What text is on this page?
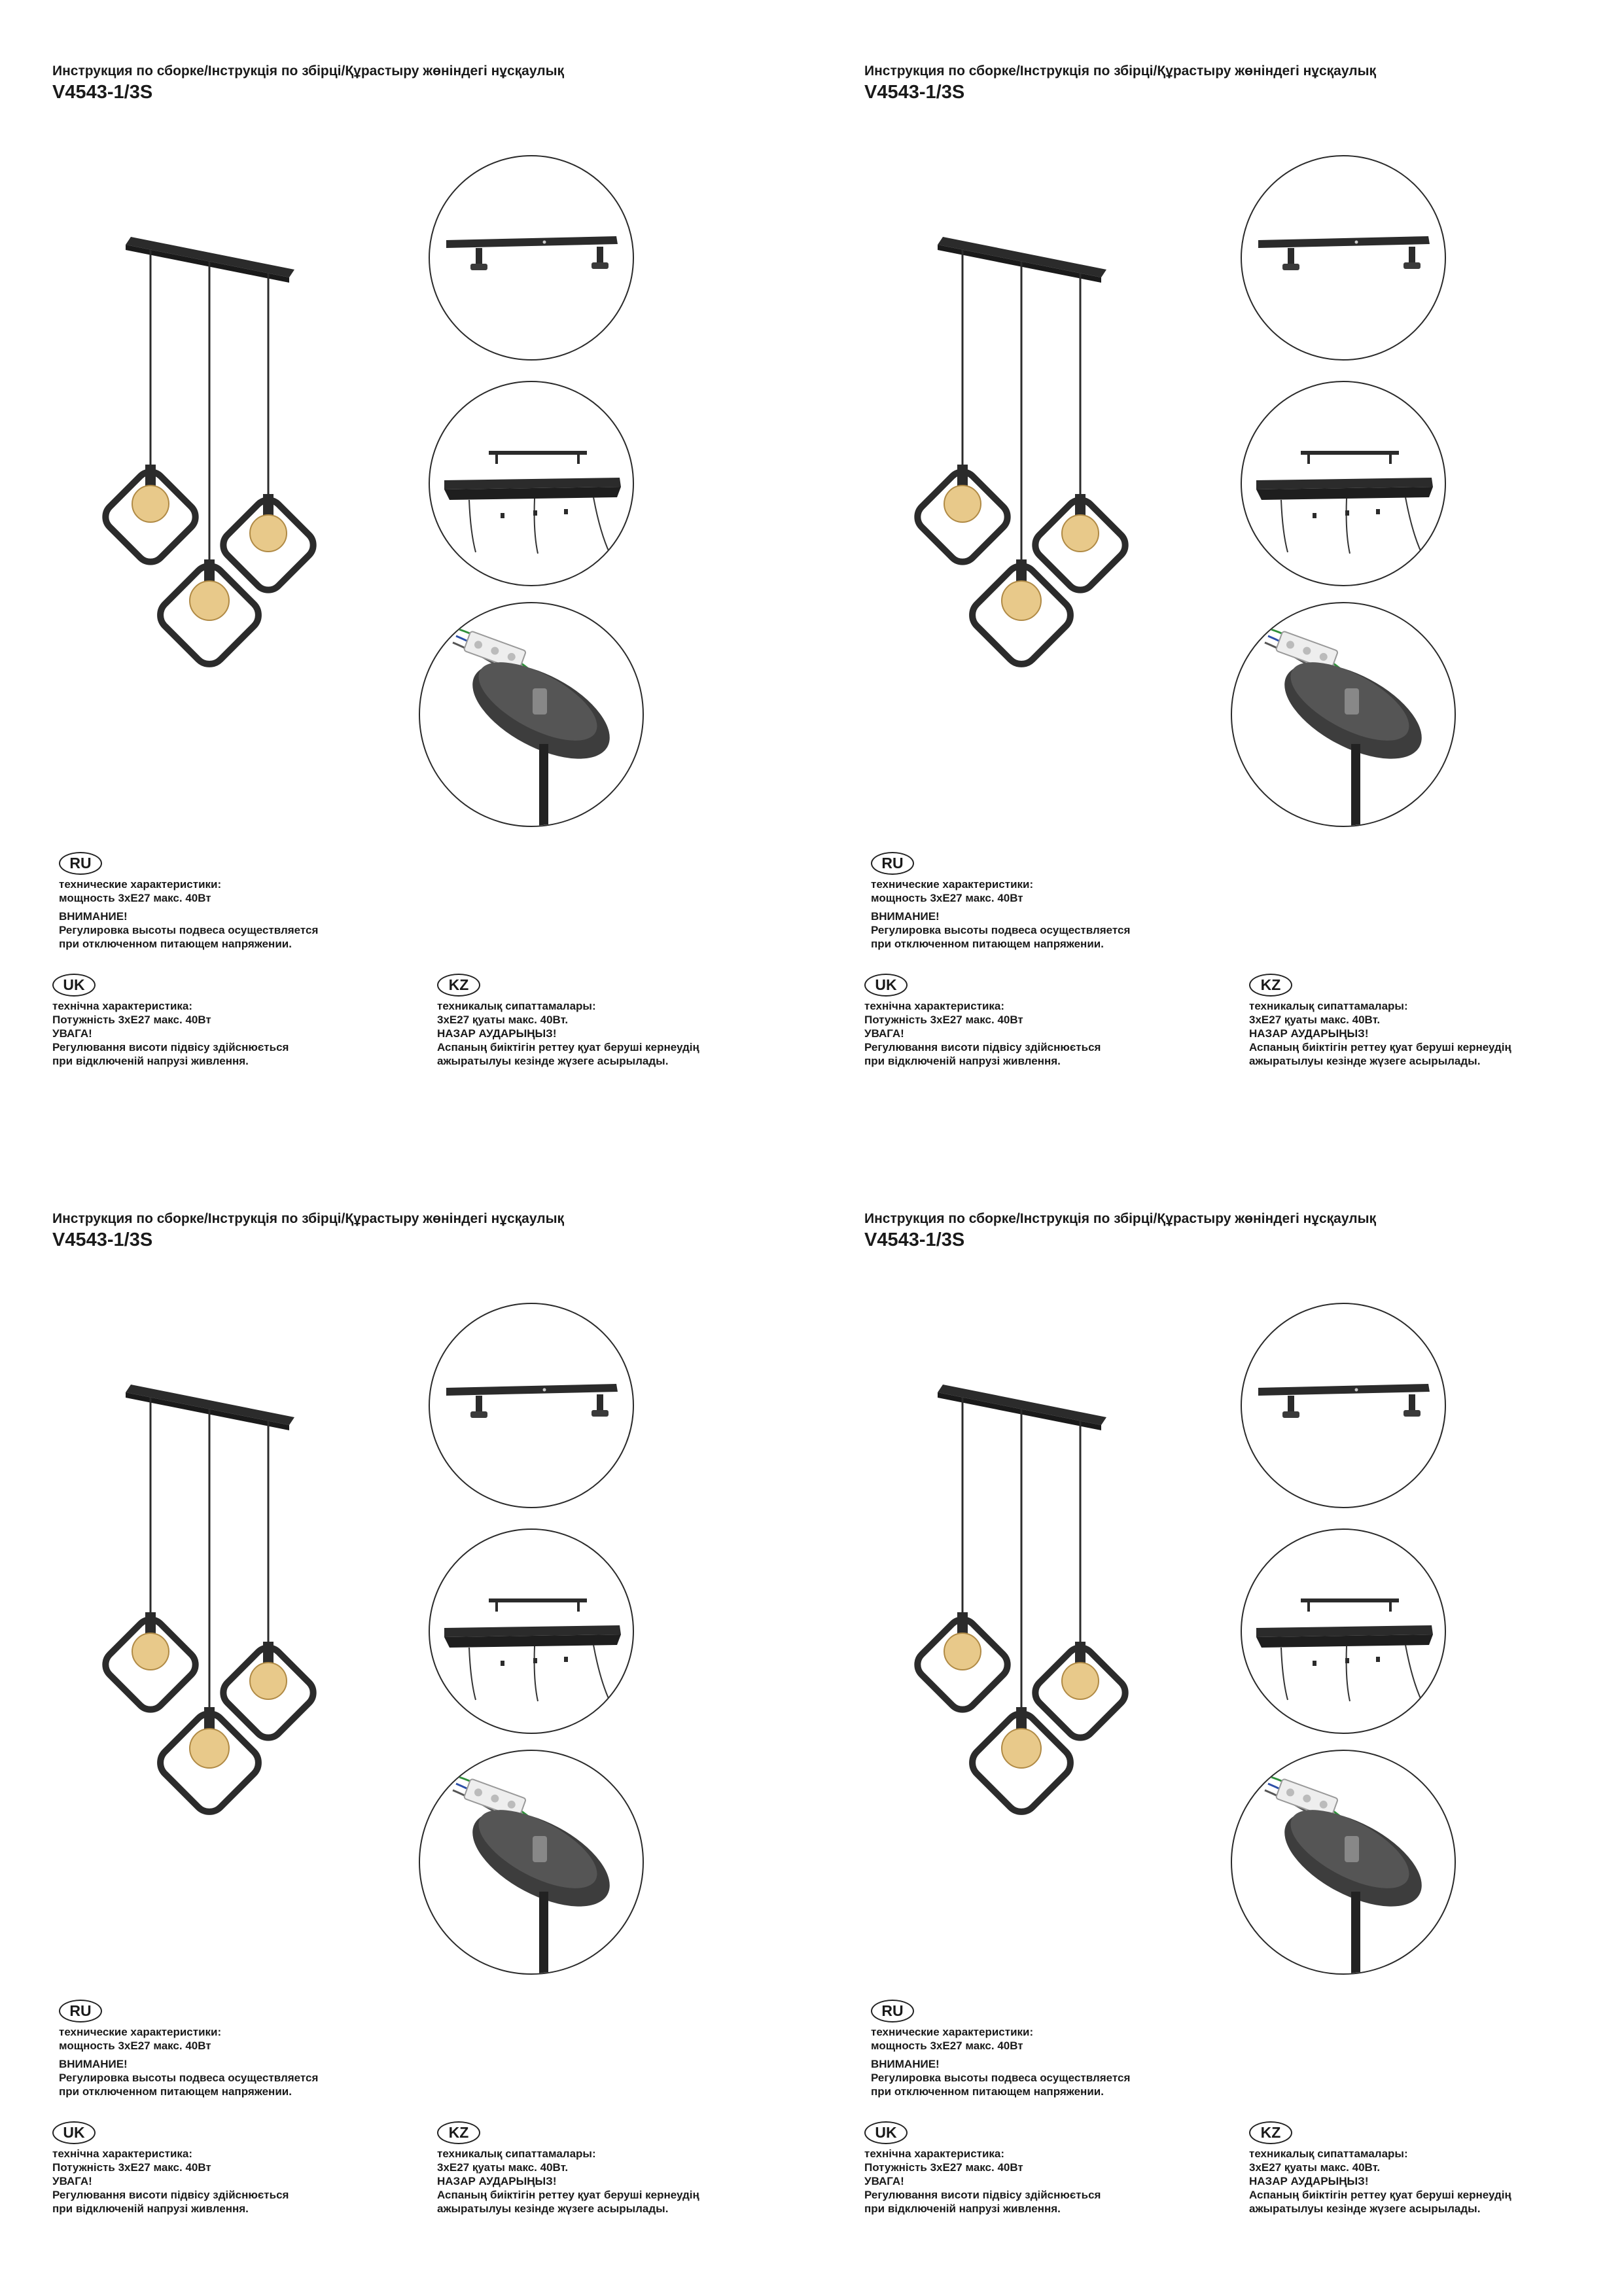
Инструкция по сборке/Інструкція по збірці/Құрастыру жөніндегі нұсқаулық
V4543-1/3S
RU
технические характеристики:
мощность 3хЕ27 макс. 40Вт
ВНИМАНИЕ!
Регулировка высоты подвеса осуществляется
при отключенном питающем напряжении.
UK
технічна характеристика:
Потужність 3хЕ27 макс. 40Вт
УВАГА!
Регулювання висоти підвісу здійснюється
при відключеній напрузі живлення.
KZ
техникалық сипаттамалары:
3хЕ27 қуаты макс. 40Вт.
НАЗАР АУДАРЫҢЫЗ!
Аспаның биіктігін реттеу қуат беруші кернеудің
ажыратылуы кезінде жүзеге асырылады.
Инструкция по сборке/Інструкція по збірці/Құрастыру жөніндегі нұсқаулық
V4543-1/3S
RU
технические характеристики:
мощность 3хЕ27 макс. 40Вт
ВНИМАНИЕ!
Регулировка высоты подвеса осуществляется
при отключенном питающем напряжении.
UK
технічна характеристика:
Потужність 3хЕ27 макс. 40Вт
УВАГА!
Регулювання висоти підвісу здійснюється
при відключеній напрузі живлення.
KZ
техникалық сипаттамалары:
3хЕ27 қуаты макс. 40Вт.
НАЗАР АУДАРЫҢЫЗ!
Аспаның биіктігін реттеу қуат беруші кернеудің
ажыратылуы кезінде жүзеге асырылады.
Инструкция по сборке/Інструкція по збірці/Құрастыру жөніндегі нұсқаулық
V4543-1/3S
RU
технические характеристики:
мощность 3хЕ27 макс. 40Вт
ВНИМАНИЕ!
Регулировка высоты подвеса осуществляется
при отключенном питающем напряжении.
UK
технічна характеристика:
Потужність 3хЕ27 макс. 40Вт
УВАГА!
Регулювання висоти підвісу здійснюється
при відключеній напрузі живлення.
KZ
техникалық сипаттамалары:
3хЕ27 қуаты макс. 40Вт.
НАЗАР АУДАРЫҢЫЗ!
Аспаның биіктігін реттеу қуат беруші кернеудің
ажыратылуы кезінде жүзеге асырылады.
Инструкция по сборке/Інструкція по збірці/Құрастыру жөніндегі нұсқаулық
V4543-1/3S
RU
технические характеристики:
мощность 3хЕ27 макс. 40Вт
ВНИМАНИЕ!
Регулировка высоты подвеса осуществляется
при отключенном питающем напряжении.
UK
технічна характеристика:
Потужність 3хЕ27 макс. 40Вт
УВАГА!
Регулювання висоти підвісу здійснюється
при відключеній напрузі живлення.
KZ
техникалық сипаттамалары:
3хЕ27 қуаты макс. 40Вт.
НАЗАР АУДАРЫҢЫЗ!
Аспаның биіктігін реттеу қуат беруші кернеудің
ажыратылуы кезінде жүзеге асырылады.
